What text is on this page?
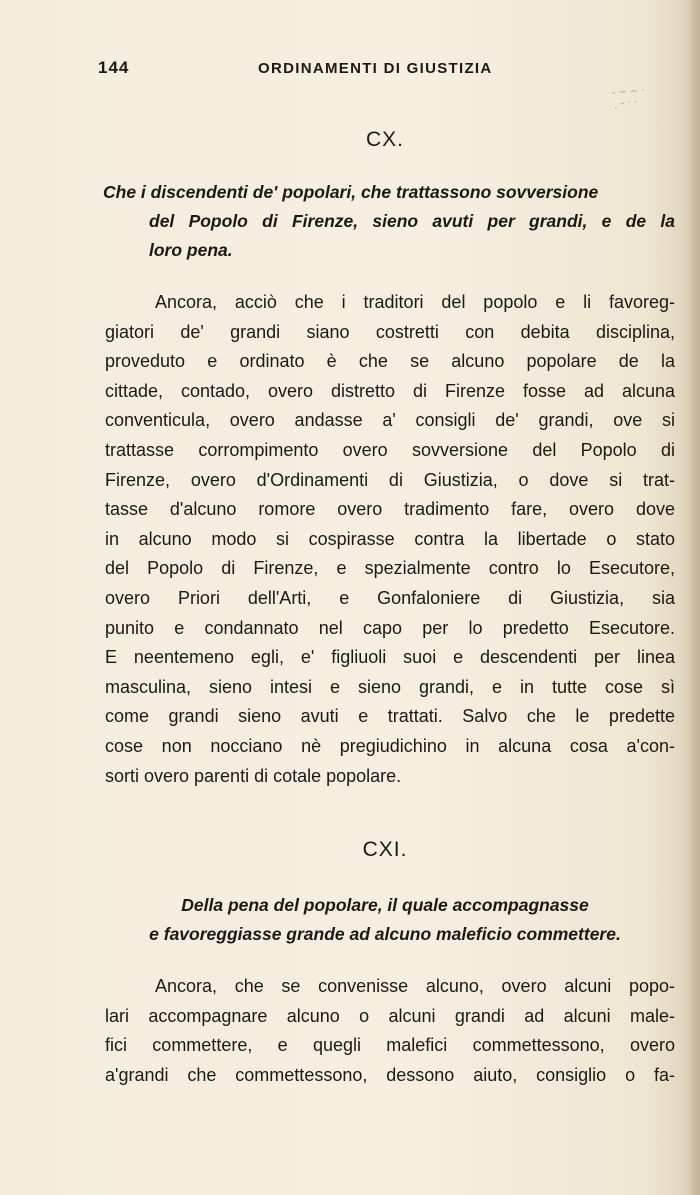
144	ORDINAMENTI DI GIUSTIZIA
- ~ ~ ·
ˏ - · ·
CX.

Che i discendenti de' popolari, che trattassono sovversione

del Popolo di Firenze, sieno avuti per grandi, e de la

loro pena.

Ancora, acciò che i traditori del popolo e li favoreg-
giatori de' grandi siano costretti con debita disciplina,
proveduto e ordinato è che se alcuno popolare de la
cittade, contado, overo distretto di Firenze fosse ad alcuna
conventicula, overo andasse a' consigli de' grandi, ove si
trattasse corrompimento overo sovversione del Popolo di
Firenze, overo d'Ordinamenti di Giustizia, o dove si trat-
tasse d'alcuno romore overo tradimento fare, overo dove
in alcuno modo si cospirasse contra la libertade o stato
del Popolo di Firenze, e spezialmente contro lo Esecutore,
overo Priori dell'Arti, e Gonfaloniere di Giustizia, sia
punito e condannato nel capo per lo predetto Esecutore.
E neentemeno egli, e' figliuoli suoi e descendenti per linea
masculina, sieno intesi e sieno grandi, e in tutte cose sì
come grandi sieno avuti e trattati. Salvo che le predette
cose non nocciano nè pregiudichino in alcuna cosa a'con-
sorti overo parenti di cotale popolare.
CXI.

Della pena del popolare, il quale accompagnasse

e favoreggiasse grande ad alcuno maleficio commettere.

Ancora, che se convenisse alcuno, overo alcuni popo-
lari accompagnare alcuno o alcuni grandi ad alcuni male-
fici commettere, e quegli malefici commettessono, overo
a'grandi che commettessono, dessono aiuto, consiglio o fa-
